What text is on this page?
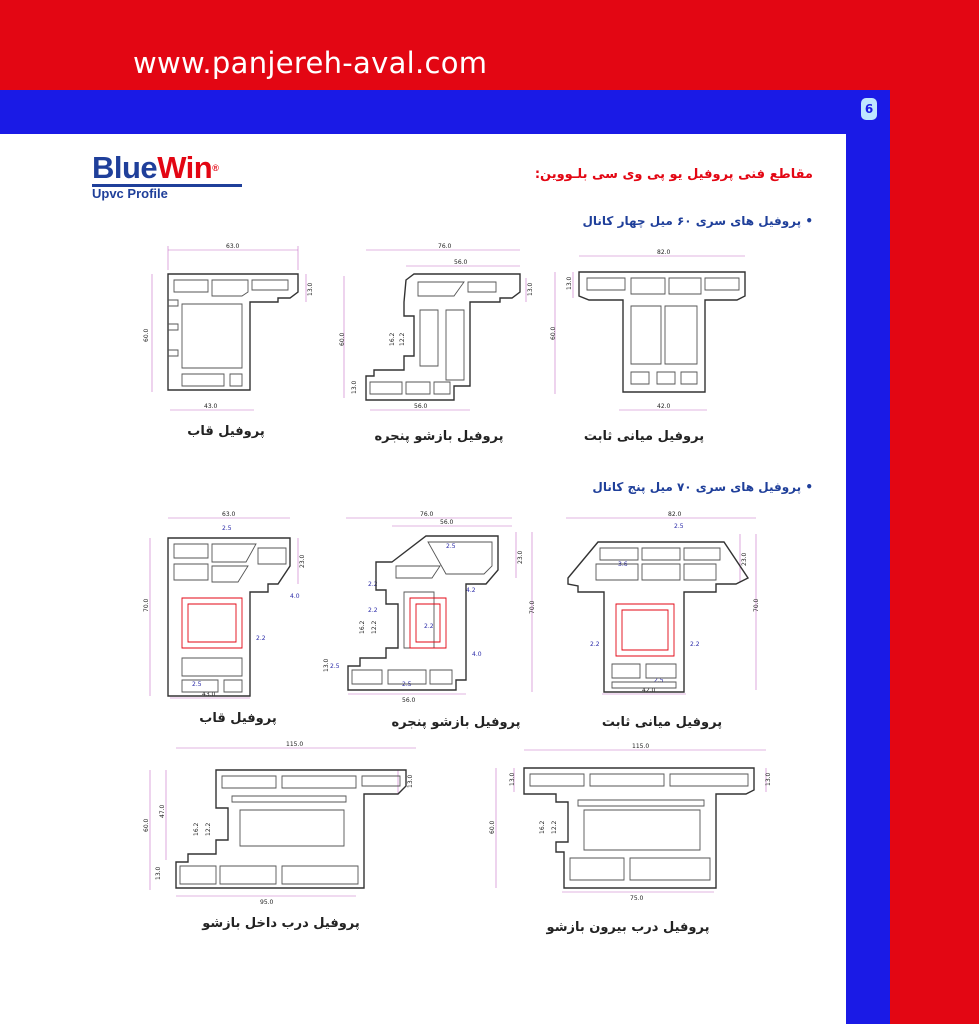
www.panjereh-aval.com
6
BlueWin®
Upvc Profile
مقاطع فنی پروفیل یو پی وی سی بلـووین:
• پروفیل های سری ۶۰ میل چهار کانال
• پروفیل های سری ۷۰ میل پنج کانال
63.0
60.0
13.0
43.0
پروفیل قاب
76.0
56.0
60.0
13.0
16.2 12.2
13.0
56.0
پروفیل بازشو پنجره
82.0
13.0
60.0
42.0
پروفیل میانی ثابت
63.0
2.5
70.0
23.0
4.0
2.2
2.5
43.0
پروفیل قاب
76.0
56.0
2.5
23.0
70.0
2.2
4.2
2.2
16.2 12.2	2.2
4.0
13.0 2.5
2.5
56.0
پروفیل بازشو پنجره
82.0
2.5
3.6	23.0
70.0
2.2	2.2
2.5
42.0
پروفیل میانی ثابت
115.0
60.0
47.0
13.0
16.2 12.2
13.0
95.0
پروفیل درب داخل بازشو
115.0
13.0
60.0
13.0
16.2 12.2
75.0
پروفیل درب بیرون بازشو
